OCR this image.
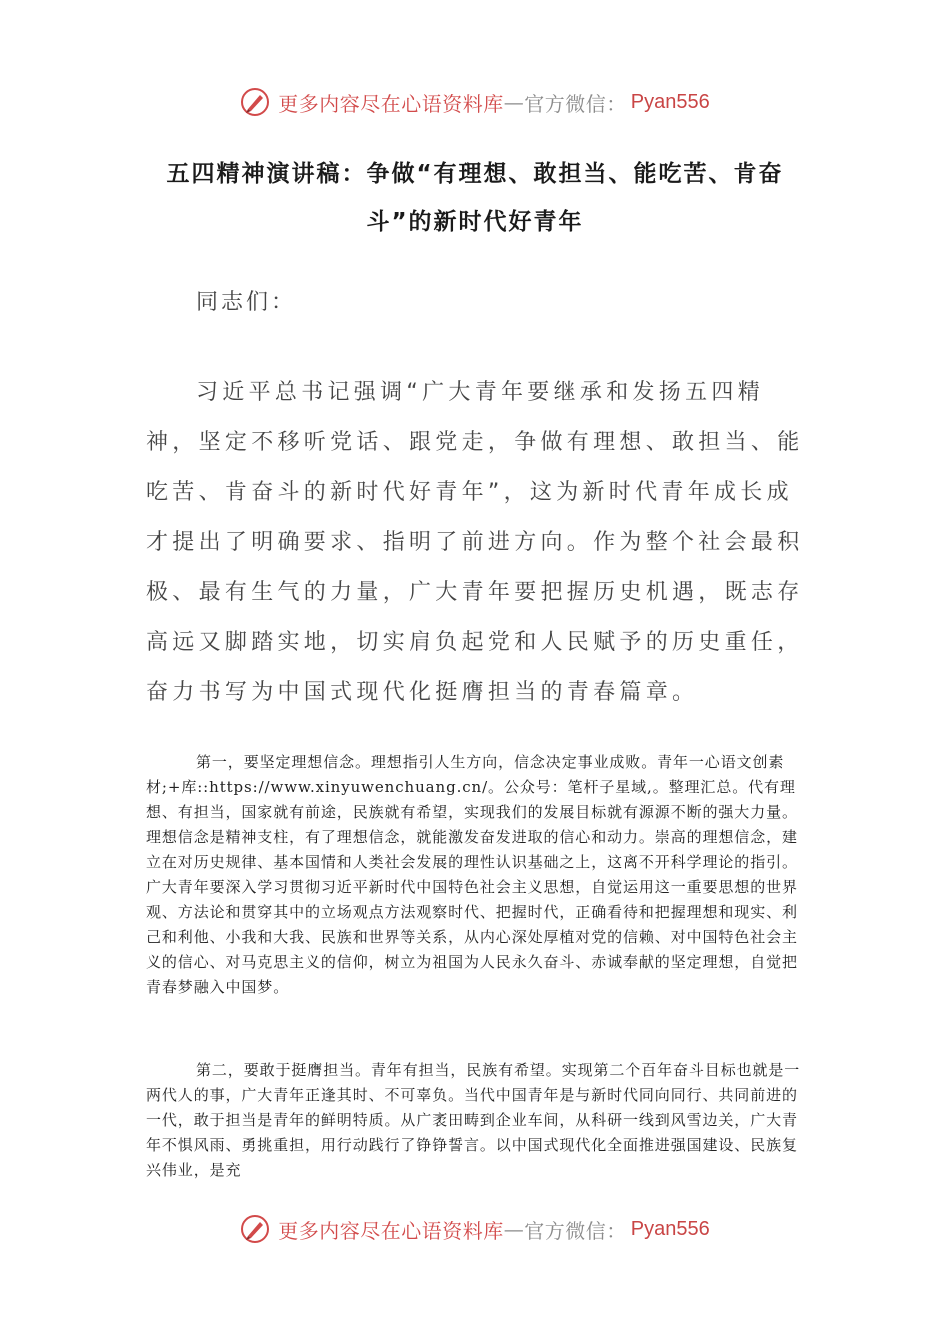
更多内容尽在心语资料库 — 官方微信： Pyan556
五四精神演讲稿：争做“有理想、敢担当、能吃苦、肯奋斗”的新时代好青年
同志们：

习近平总书记强调“广大青年要继承和发扬五四精神，坚定不移听党话、跟党走，争做有理想、敢担当、能吃苦、肯奋斗的新时代好青年”，这为新时代青年成长成才提出了明确要求、指明了前进方向。作为整个社会最积极、最有生气的力量，广大青年要把握历史机遇，既志存高远又脚踏实地，切实肩负起党和人民赋予的历史重任，奋力书写为中国式现代化挺膺担当的青春篇章。

第一，要坚定理想信念。理想指引人生方向，信念决定事业成败。青年一心语文创素材;+库::https://www.xinyuwenchuang.cn/。公众号：笔杆子星域,。整理汇总。代有理想、有担当，国家就有前途，民族就有希望，实现我们的发展目标就有源源不断的强大力量。理想信念是精神支柱，有了理想信念，就能激发奋发进取的信心和动力。崇高的理想信念，建立在对历史规律、基本国情和人类社会发展的理性认识基础之上，这离不开科学理论的指引。广大青年要深入学习贯彻习近平新时代中国特色社会主义思想，自觉运用这一重要思想的世界观、方法论和贯穿其中的立场观点方法观察时代、把握时代，正确看待和把握理想和现实、利己和利他、小我和大我、民族和世界等关系，从内心深处厚植对党的信赖、对中国特色社会主义的信心、对马克思主义的信仰，树立为祖国为人民永久奋斗、赤诚奉献的坚定理想，自觉把青春梦融入中国梦。

第二，要敢于挺膺担当。青年有担当，民族有希望。实现第二个百年奋斗目标也就是一两代人的事，广大青年正逢其时、不可辜负。当代中国青年是与新时代同向同行、共同前进的一代，敢于担当是青年的鲜明特质。从广袤田畴到企业车间，从科研一线到风雪边关，广大青年不惧风雨、勇挑重担，用行动践行了铮铮誓言。以中国式现代化全面推进强国建设、民族复兴伟业，是充

更多内容尽在心语资料库 — 官方微信： Pyan556
